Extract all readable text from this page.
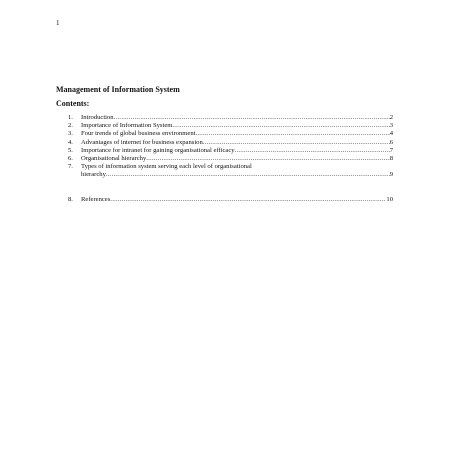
1
Management of Information System
Contents:
1.	Introduction .....	2
2.	Importance of Information System .....	3
3.	Four trends of global business environment .....	4
4.	Advantages of internet for business expansion .....	6
5.	Importance for intranet for gaining organisational efficacy .....	7
6.	Organisational hierarchy .....	8
7.	Types of information system serving each level of organisational
hierarchy .....	9
8.	References .....	10
